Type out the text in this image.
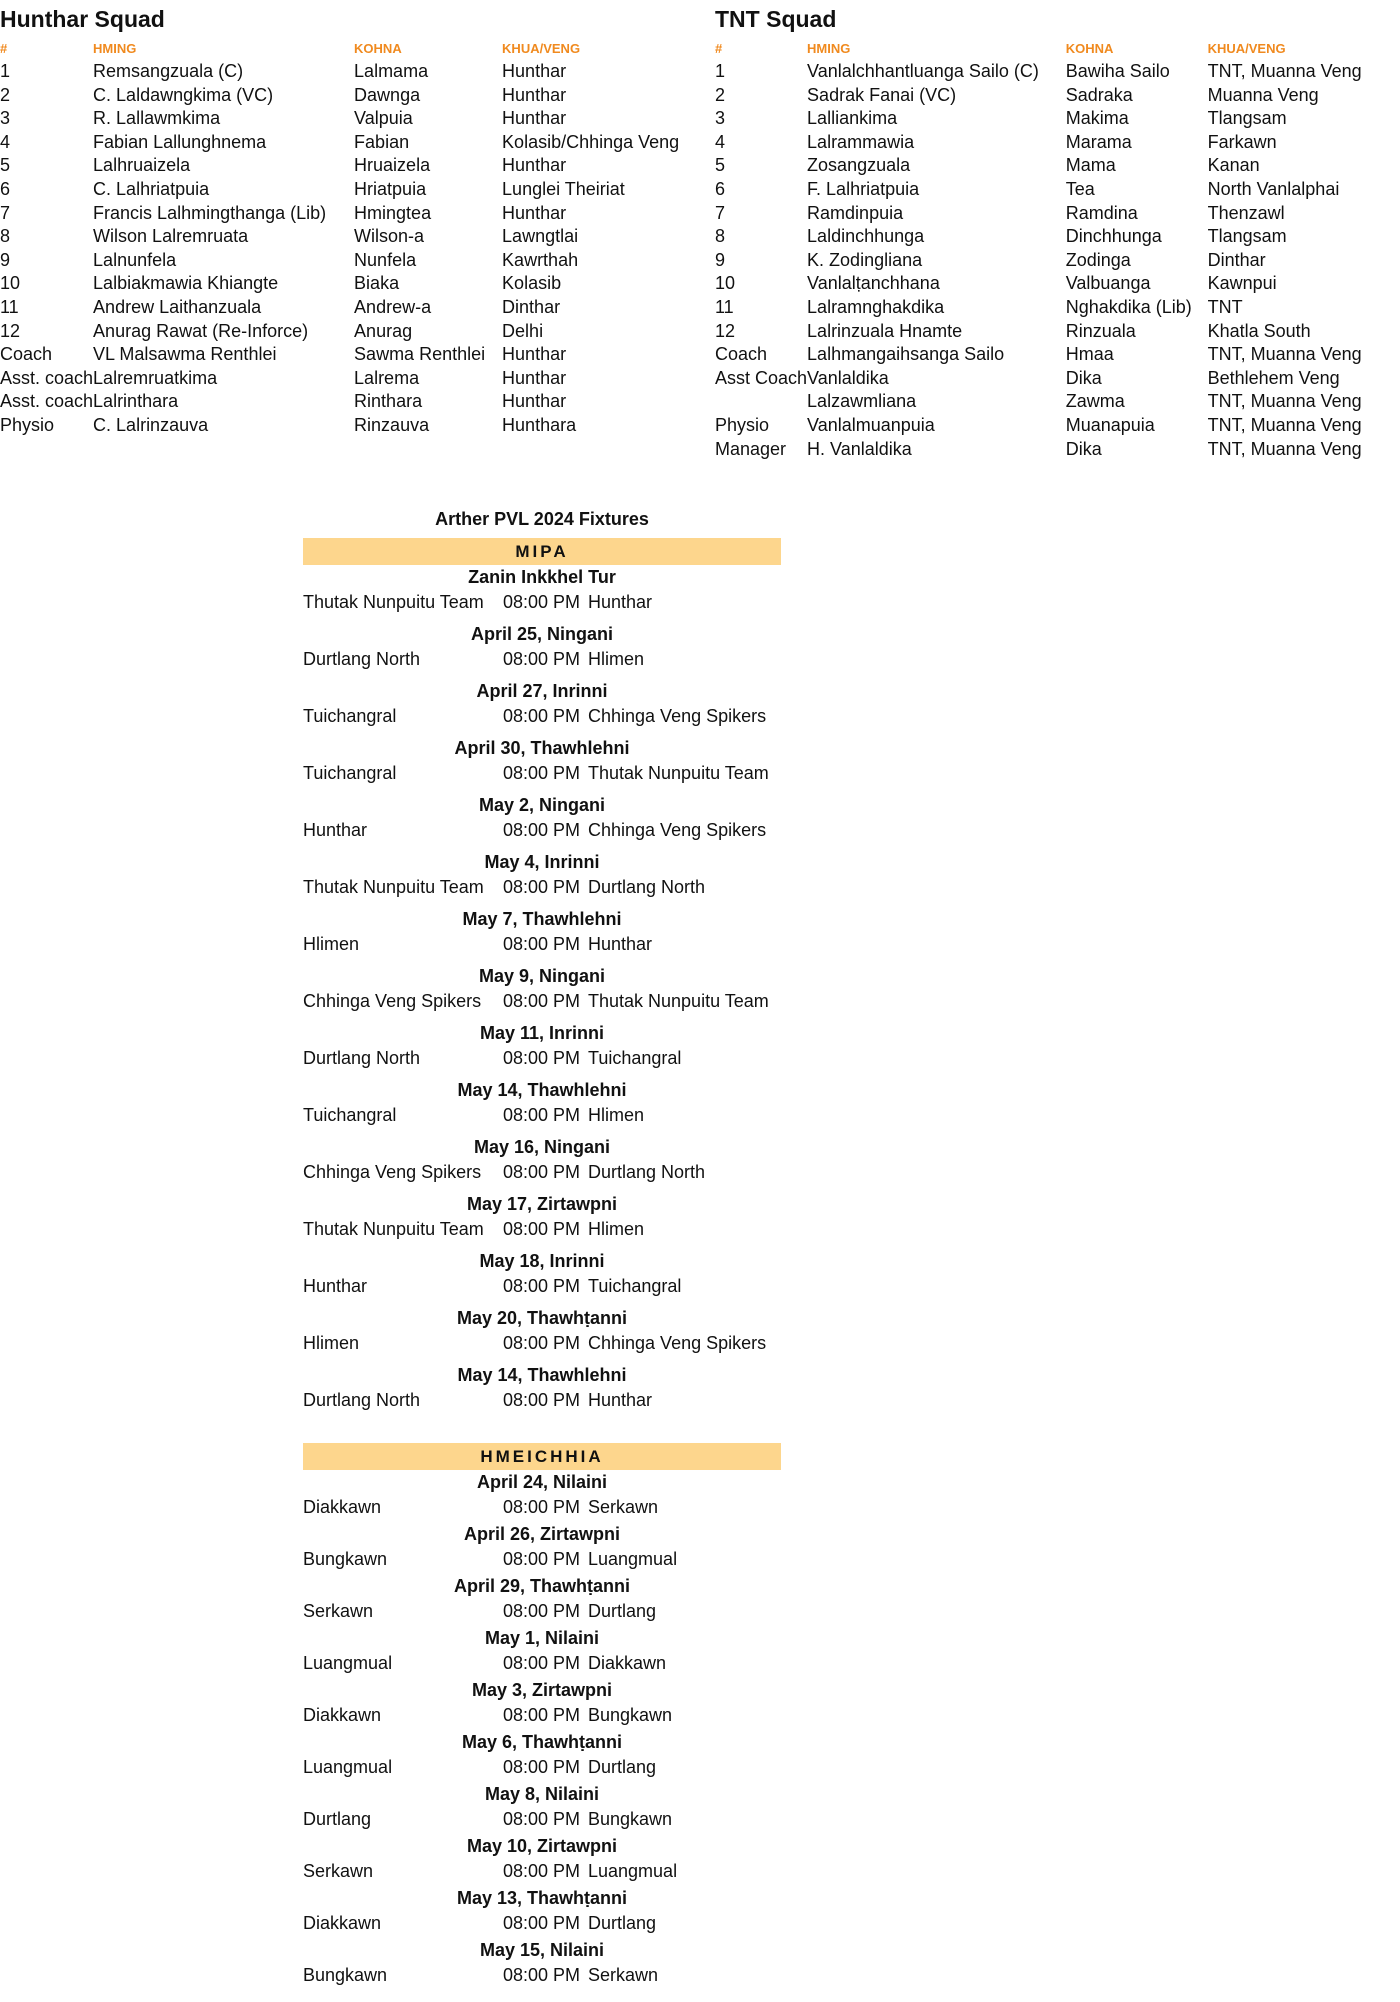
Hunthar Squad
#	HMING	KOHNA	KHUA/VENG
1	Remsangzuala (C)	Lalmama	Hunthar
2	C. Laldawngkima (VC)	Dawnga	Hunthar
3	R. Lallawmkima	Valpuia	Hunthar
4	Fabian Lallunghnema	Fabian	Kolasib/Chhinga Veng
5	Lalhruaizela	Hruaizela	Hunthar
6	C. Lalhriatpuia	Hriatpuia	Lunglei Theiriat
7	Francis Lalhmingthanga (Lib)	Hmingtea	Hunthar
8	Wilson Lalremruata	Wilson-a	Lawngtlai
9	Lalnunfela	Nunfela	Kawrthah
10	Lalbiakmawia Khiangte	Biaka	Kolasib
11	Andrew Laithanzuala	Andrew-a	Dinthar
12	Anurag Rawat (Re-Inforce)	Anurag	Delhi
Coach	VL Malsawma Renthlei	Sawma Renthlei	Hunthar
Asst. coach	Lalremruatkima	Lalrema	Hunthar
Asst. coach	Lalrinthara	Rinthara	Hunthar
Physio	C. Lalrinzauva	Rinzauva	Hunthara
TNT Squad
#	HMING	KOHNA	KHUA/VENG
1	Vanlalchhantluanga Sailo (C)	Bawiha Sailo	TNT, Muanna Veng
2	Sadrak Fanai (VC)	Sadraka	Muanna Veng
3	Lalliankima	Makima	Tlangsam
4	Lalrammawia	Marama	Farkawn
5	Zosangzuala	Mama	Kanan
6	F. Lalhriatpuia	Tea	North Vanlalphai
7	Ramdinpuia	Ramdina	Thenzawl
8	Laldinchhunga	Dinchhunga	Tlangsam
9	K. Zodingliana	Zodinga	Dinthar
10	Vanlalṭanchhana	Valbuanga	Kawnpui
11	Lalramnghakdika	Nghakdika (Lib)	TNT
12	Lalrinzuala Hnamte	Rinzuala	Khatla South
Coach	Lalhmangaihsanga Sailo	Hmaa	TNT, Muanna Veng
Asst Coach	Vanlaldika	Dika	Bethlehem Veng
	Lalzawmliana	Zawma	TNT, Muanna Veng
Physio	Vanlalmuanpuia	Muanapuia	TNT, Muanna Veng
Manager	H. Vanlaldika	Dika	TNT, Muanna Veng
Arther PVL 2024 Fixtures
MIPA
Zanin Inkkhel Tur
Thutak Nunpuitu Team	08:00 PM Hunthar
April 25, Ningani
Durtlang North	08:00 PM Hlimen
April 27, Inrinni
Tuichangral	08:00 PM Chhinga Veng Spikers
April 30, Thawhlehni
Tuichangral	08:00 PM Thutak Nunpuitu Team
May 2, Ningani
Hunthar	08:00 PM Chhinga Veng Spikers
May 4, Inrinni
Thutak Nunpuitu Team	08:00 PM Durtlang North
May 7, Thawhlehni
Hlimen	08:00 PM Hunthar
May 9, Ningani
Chhinga Veng Spikers	08:00 PM Thutak Nunpuitu Team
May 11, Inrinni
Durtlang North	08:00 PM Tuichangral
May 14, Thawhlehni
Tuichangral	08:00 PM Hlimen
May 16, Ningani
Chhinga Veng Spikers	08:00 PM Durtlang North
May 17, Zirtawpni
Thutak Nunpuitu Team	08:00 PM Hlimen
May 18, Inrinni
Hunthar	08:00 PM Tuichangral
May 20, Thawhṭanni
Hlimen	08:00 PM Chhinga Veng Spikers
May 14, Thawhlehni
Durtlang North	08:00 PM Hunthar
HMEICHHIA
April 24, Nilaini
Diakkawn	08:00 PM Serkawn
April 26, Zirtawpni
Bungkawn	08:00 PM Luangmual
April 29, Thawhṭanni
Serkawn	08:00 PM Durtlang
May 1, Nilaini
Luangmual	08:00 PM Diakkawn
May 3, Zirtawpni
Diakkawn	08:00 PM Bungkawn
May 6, Thawhṭanni
Luangmual	08:00 PM Durtlang
May 8, Nilaini
Durtlang	08:00 PM Bungkawn
May 10, Zirtawpni
Serkawn	08:00 PM Luangmual
May 13, Thawhṭanni
Diakkawn	08:00 PM Durtlang
May 15, Nilaini
Bungkawn	08:00 PM Serkawn
